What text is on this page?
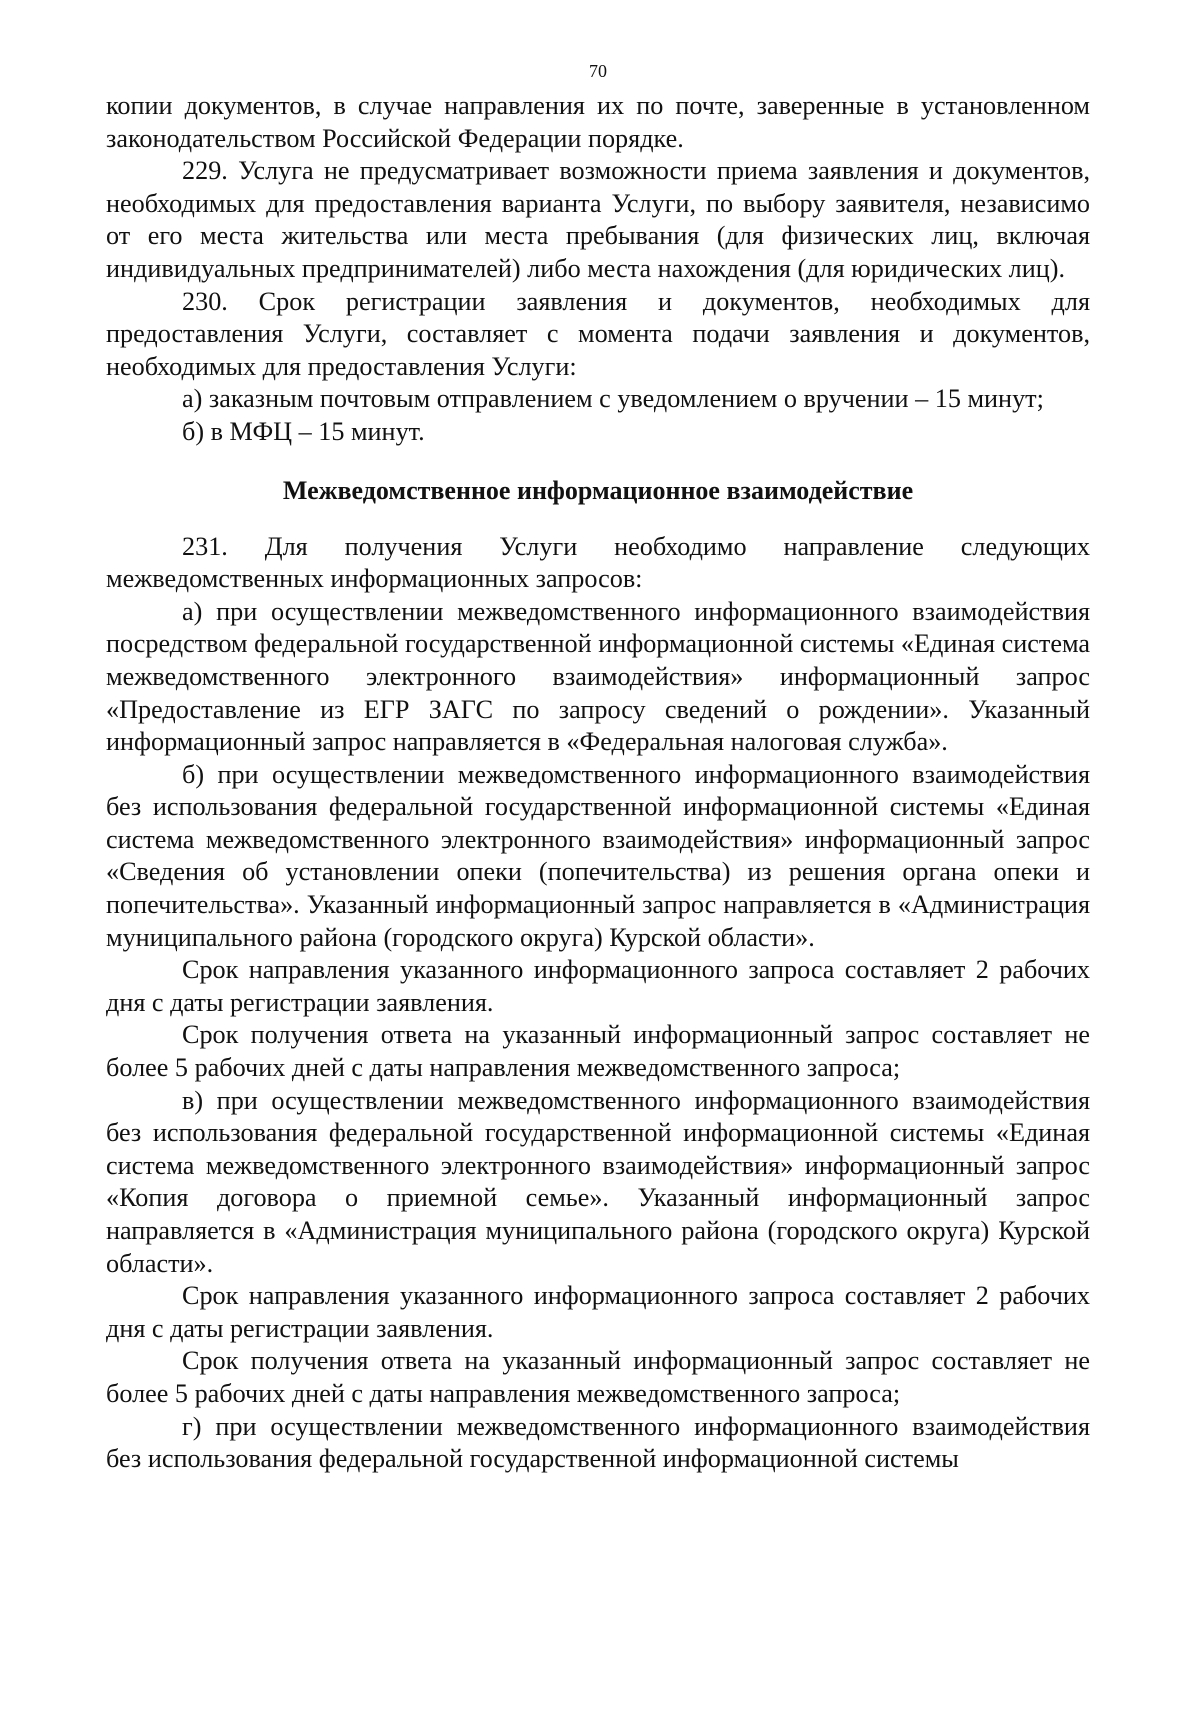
70

копии документов, в случае направления их по почте, заверенные в установленном законодательством Российской Федерации порядке.

229. Услуга не предусматривает возможности приема заявления и документов, необходимых для предоставления варианта Услуги, по выбору заявителя, независимо от его места жительства или места пребывания (для физических лиц, включая индивидуальных предпринимателей) либо места нахождения (для юридических лиц).

230. Срок регистрации заявления и документов, необходимых для предоставления Услуги, составляет с момента подачи заявления и документов, необходимых для предоставления Услуги:

а) заказным почтовым отправлением с уведомлением о вручении – 15 минут;

б) в МФЦ – 15 минут.

Межведомственное информационное взаимодействие

231. Для получения Услуги необходимо направление следующих межведомственных информационных запросов:

а) при осуществлении межведомственного информационного взаимодействия посредством федеральной государственной информационной системы «Единая система межведомственного электронного взаимодействия» информационный запрос «Предоставление из ЕГР ЗАГС по запросу сведений о рождении». Указанный информационный запрос направляется в «Федеральная налоговая служба».

б) при осуществлении межведомственного информационного взаимодействия без использования федеральной государственной информационной системы «Единая система межведомственного электронного взаимодействия» информационный запрос «Сведения об установлении опеки (попечительства) из решения органа опеки и попечительства». Указанный информационный запрос направляется в «Администрация муниципального района (городского округа) Курской области».

Срок направления указанного информационного запроса составляет 2 рабочих дня с даты регистрации заявления.

Срок получения ответа на указанный информационный запрос составляет не более 5 рабочих дней с даты направления межведомственного запроса;

в) при осуществлении межведомственного информационного взаимодействия без использования федеральной государственной информационной системы «Единая система межведомственного электронного взаимодействия» информационный запрос «Копия договора о приемной семье». Указанный информационный запрос направляется в «Администрация муниципального района (городского округа) Курской области».

Срок направления указанного информационного запроса составляет 2 рабочих дня с даты регистрации заявления.

Срок получения ответа на указанный информационный запрос составляет не более 5 рабочих дней с даты направления межведомственного запроса;

г) при осуществлении межведомственного информационного взаимодействия без использования федеральной государственной информационной системы
